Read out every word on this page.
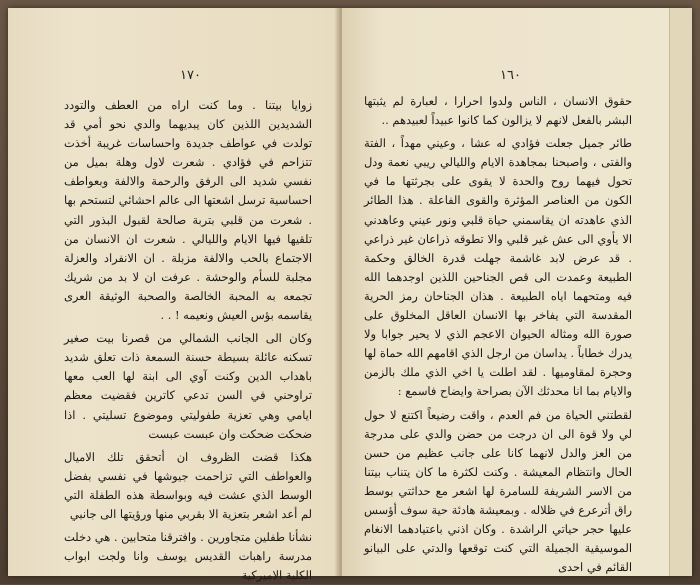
١٧٠

زوايا بيتنا . وما كنت اراه من العطف والتودد الشديدين اللذين كان يبديهما والدي نحو أمي قد تولدت في عواطف جديدة واحساسات غريبة أخذت تتزاحم في فؤادي . شعرت لاول وهلة بميل من نفسي شديد الى الرفق والرحمة والالفة وبعواطف احساسية ترسل اشعتها الى عالم احشائي لتستحم بها . شعرت من قلبي بتربة صالحة لقبول البذور التي تلقيها فيها الايام والليالي . شعرت ان الانسان من الاجتماع بالحب والالفة مزبلة . ان الانفراد والعزلة مجلبة للسأم والوحشة . عرفت ان لا بد من شريك تجمعه به المحبة الخالصة والصحبة الوثيقة العرى يقاسمه بؤس العيش ونعيمه ! . .

وكان الى الجانب الشمالي من قصرنا بيت صغير تسكنه عائلة بسيطة حسنة السمعة ذات تعلق شديد باهداب الدين وكنت آوي الى ابنة لها العب معها تراوحني في السن تدعي كاترين فقضيت معظم ايامي وهي تعزية طفوليتي وموضوع تسليتي . اذا ضحكت ضحكت وان عبست عبست

هكذا قضت الظروف ان أتحقق تلك الاميال والعواطف التي تزاحمت جيوشها في نفسي بفضل الوسط الذي عشت فيه وبواسطة هذه الطفلة التي لم أعد اشعر بتعزية الا بقربي منها ورؤيتها الى جانبي

نشأنا طفلين متجاورين . وافترقنا متحابين . هي دخلت مدرسة راهبات القديس يوسف وانا ولجت ابواب الكلية الاميركية

١٦٠

حقوق الانسان ، الناس ولدوا احرارا ، لعبارة لم يثبتها البشر بالفعل لانهم لا يزالون كما كانوا عبيداً لعبيدهم ..

طائر جميل جعلت فؤادي له عشا ، وعيني مهداً ، الفتة والفتى ، واصبحنا بمجاهدة الايام والليالي ريبي نعمة ودل تحول فيهما روح والحدة لا يقوى على بجرثتها ما في الكون من العناصر المؤثرة والقوى الفاعلة . هذا الطائر الذي عاهدته ان يقاسمني حياة قلبي ونور عيني وعاهدني الا يأوي الى عش غير قلبي والا تطوقه ذراعان غير ذراعي . قد عرض لابد غاشمة جهلت قدرة الخالق وحكمة الطبيعة وعمدت الى قص الجناحين اللذين اوجدهما الله فيه ومتحهما اياه الطبيعة . هذان الجناحان رمز الحرية المقدسة التي يفاخر بها الانسان العاقل المخلوق على صورة الله ومثاله الحيوان الاعجم الذي لا يحير جوابا ولا يدرك خطاباً . يداسان من ارجل الذي اقامهم الله حماة لها وحجرة لمقاوميها . لقد اطلت يا اخي الذي ملك بالزمن والايام بما انا محدثك الآن بصراحة وايضاح فاسمع :

لقطتني الحياة من فم العدم ، واقت رضيعاً اكتنع لا حول لي ولا قوة الى ان درجت من حضن والدي على مدرجة من العز والدل لانهما كانا على جانب عظيم من حسن الحال وانتظام المعيشة . وكنت لكثرة ما كان يتناب بيتنا من الاسر الشريفة للسامرة لها اشعر مع حداثتي بوسط راق أترعرع في ظلاله . وبمعيشة هادئة حية سوف أؤسس عليها حجر حياتي الراشدة . وكان اذني باعتيادهما الانغام الموسيقية الجميلة التي كنت توقعها والدتي على البيانو القائم في احدى
